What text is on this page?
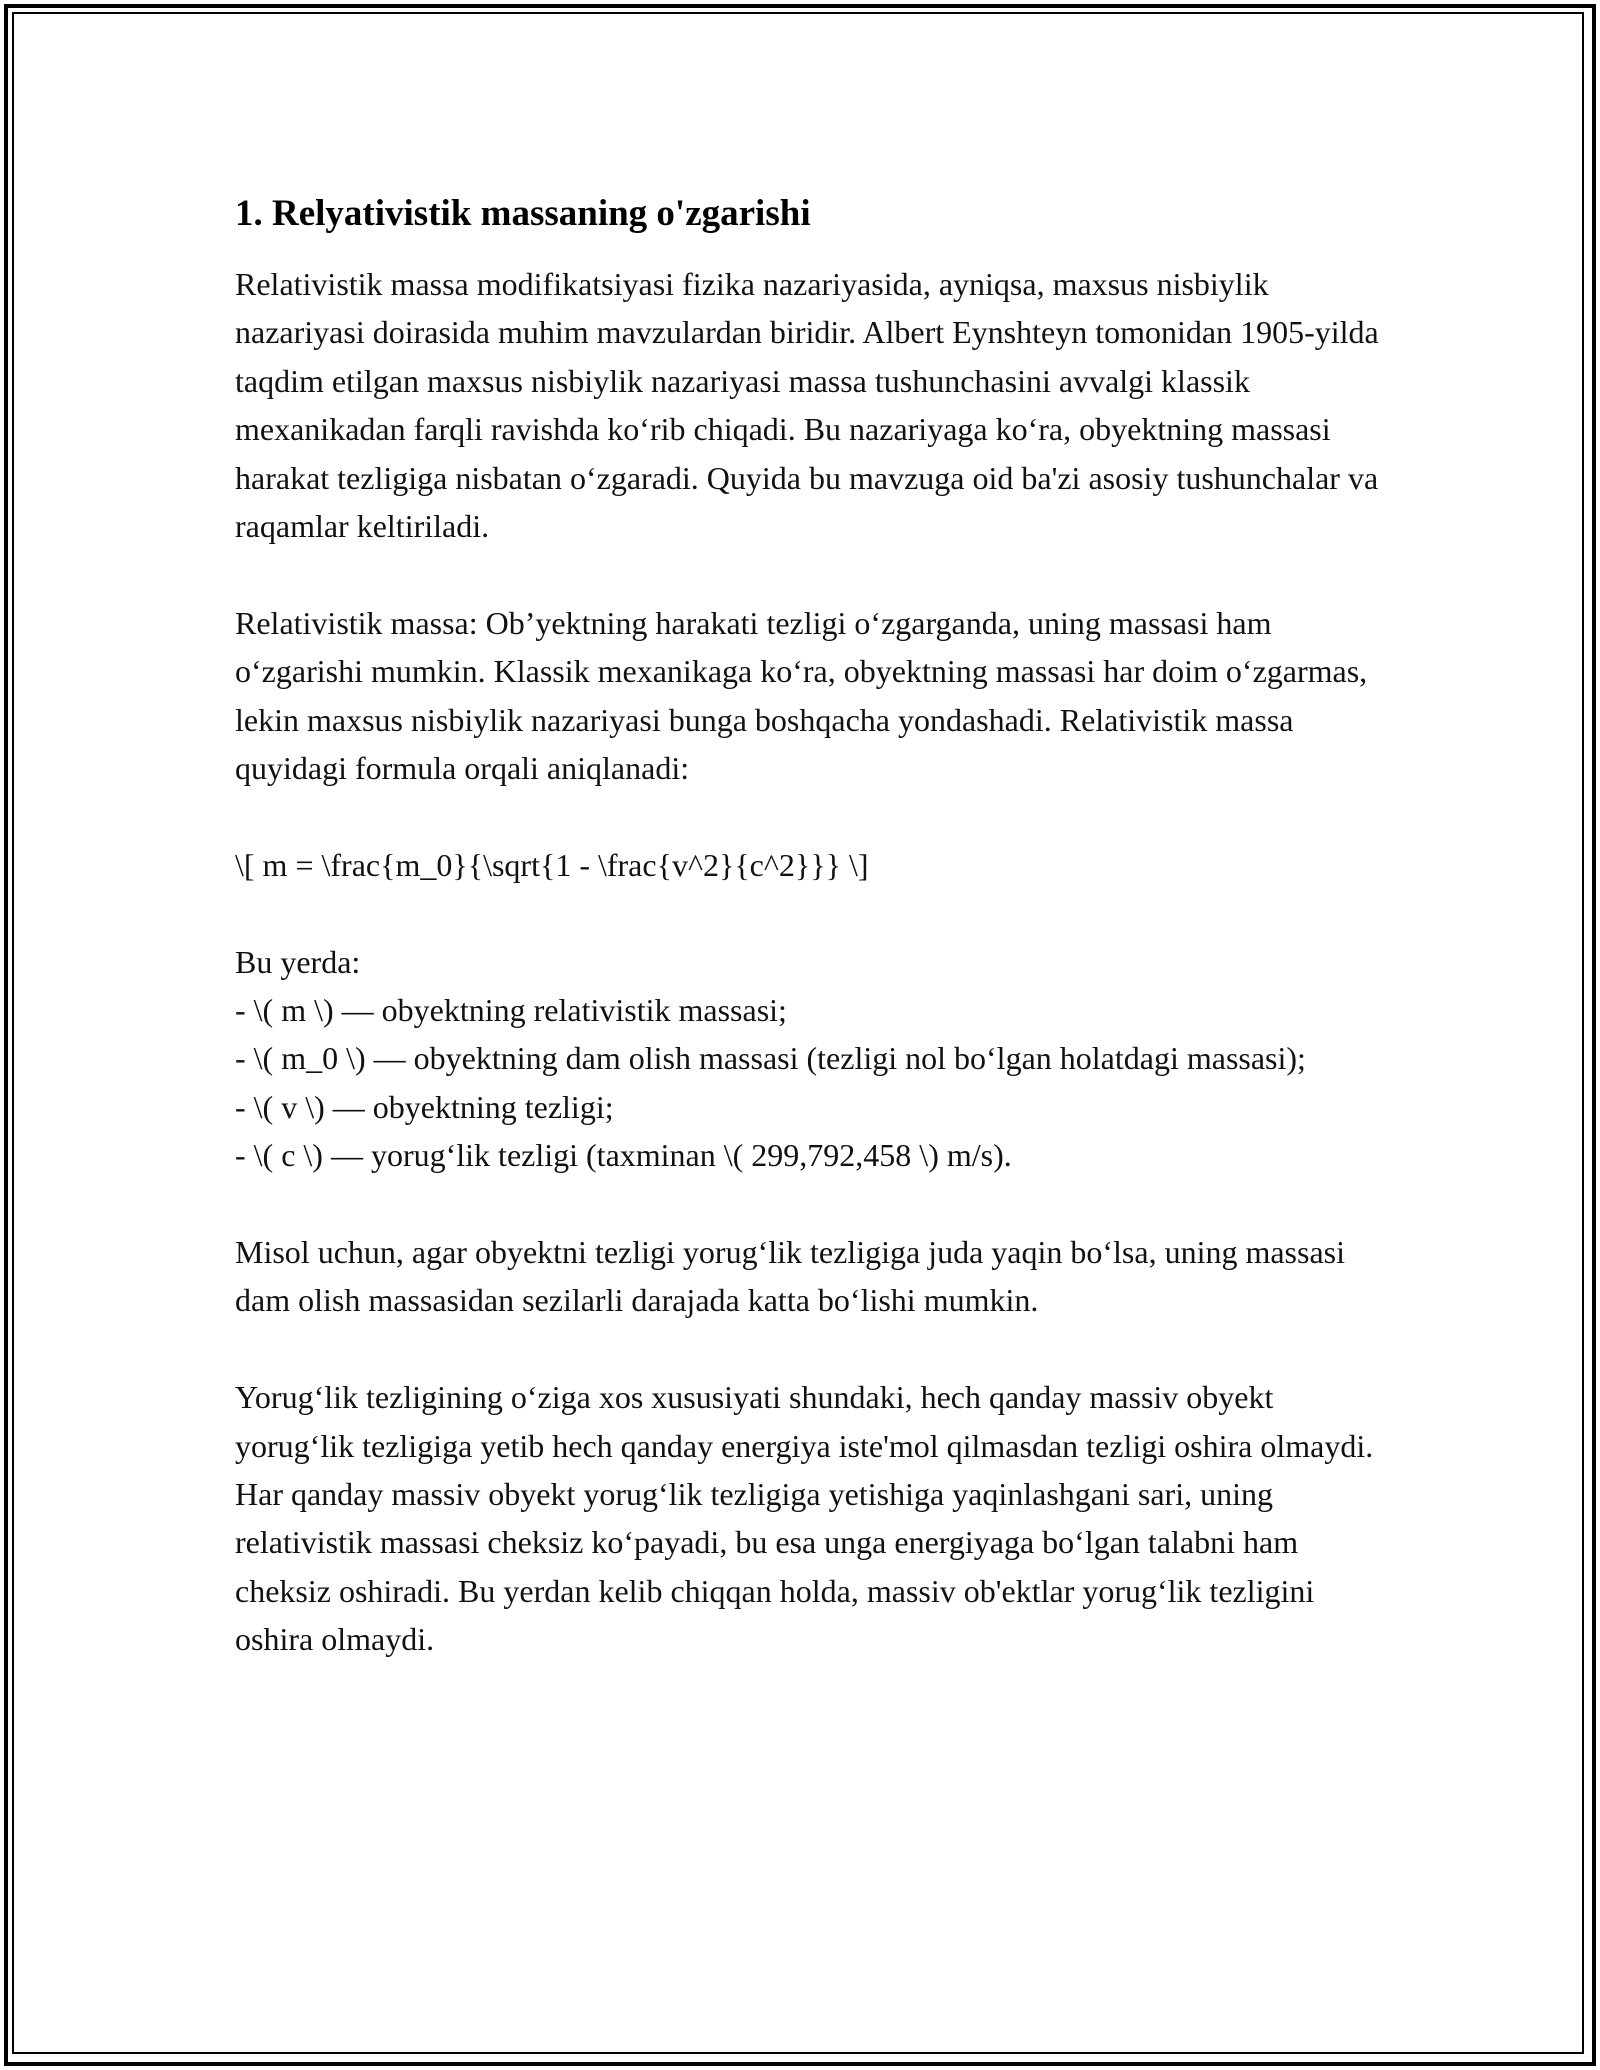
1. Relyativistik massaning o'zgarishi

Relativistik massa modifikatsiyasi fizika nazariyasida, ayniqsa, maxsus nisbiylik nazariyasi doirasida muhim mavzulardan biridir. Albert Eynshteyn tomonidan 1905-yilda taqdim etilgan maxsus nisbiylik nazariyasi massa tushunchasini avvalgi klassik mexanikadan farqli ravishda ko‘rib chiqadi. Bu nazariyaga ko‘ra, obyektning massasi harakat tezligiga nisbatan o‘zgaradi. Quyida bu mavzuga oid ba'zi asosiy tushunchalar va raqamlar keltiriladi.

Relativistik massa: Ob’yektning harakati tezligi o‘zgarganda, uning massasi ham o‘zgarishi mumkin. Klassik mexanikaga ko‘ra, obyektning massasi har doim o‘zgarmas, lekin maxsus nisbiylik nazariyasi bunga boshqacha yondashadi. Relativistik massa quyidagi formula orqali aniqlanadi:

\[ m = \frac{m_0}{\sqrt{1 - \frac{v^2}{c^2}}} \]

Bu yerda:
- \( m \) — obyektning relativistik massasi;
- \( m_0 \) — obyektning dam olish massasi (tezligi nol bo‘lgan holatdagi massasi);
- \( v \) — obyektning tezligi;
- \( c \) — yorug‘lik tezligi (taxminan \( 299,792,458 \) m/s).

Misol uchun, agar obyektni tezligi yorug‘lik tezligiga juda yaqin bo‘lsa, uning massasi dam olish massasidan sezilarli darajada katta bo‘lishi mumkin.

Yorug‘lik tezligining o‘ziga xos xususiyati shundaki, hech qanday massiv obyekt yorug‘lik tezligiga yetib hech qanday energiya iste'mol qilmasdan tezligi oshira olmaydi. Har qanday massiv obyekt yorug‘lik tezligiga yetishiga yaqinlashgani sari, uning relativistik massasi cheksiz ko‘payadi, bu esa unga energiyaga bo‘lgan talabni ham cheksiz oshiradi. Bu yerdan kelib chiqqan holda, massiv ob'ektlar yorug‘lik tezligini oshira olmaydi.
